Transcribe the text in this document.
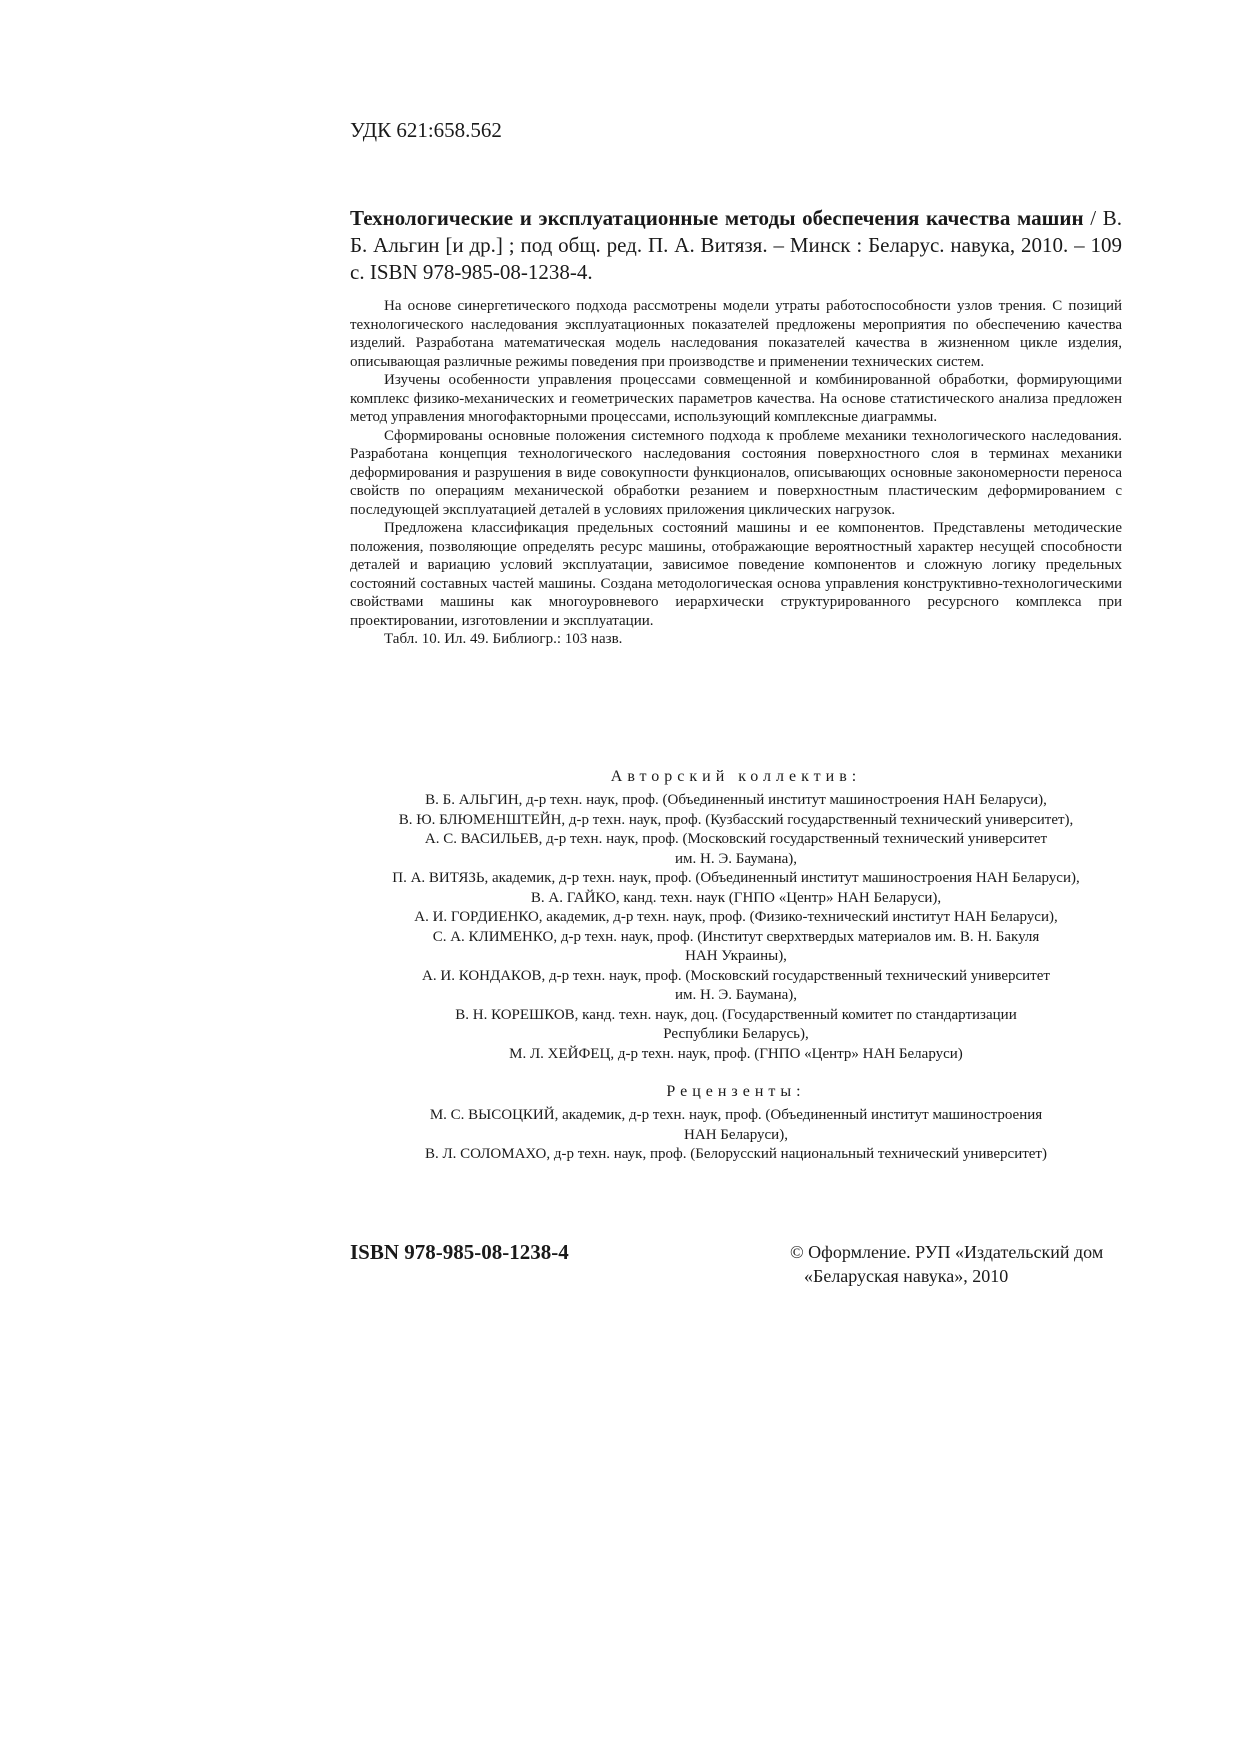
УДК 621:658.562

Технологические и эксплуатационные методы обеспечения качества машин / В. Б. Альгин [и др.] ; под общ. ред. П. А. Витязя. – Минск : Беларус. навука, 2010. – 109 с. ISBN 978-985-08-1238-4.

На основе синергетического подхода рассмотрены модели утраты работоспособности узлов трения. С позиций технологического наследования эксплуатационных показателей предложены мероприятия по обеспечению качества изделий. Разработана математическая модель наследования показателей качества в жизненном цикле изделия, описывающая различные режимы поведения при производстве и применении технических систем.

Изучены особенности управления процессами совмещенной и комбинированной обработки, формирующими комплекс физико-механических и геометрических параметров качества. На основе статистического анализа предложен метод управления многофакторными процессами, использующий комплексные диаграммы.

Сформированы основные положения системного подхода к проблеме механики технологического наследования. Разработана концепция технологического наследования состояния поверхностного слоя в терминах механики деформирования и разрушения в виде совокупности функционалов, описывающих основные закономерности переноса свойств по операциям механической обработки резанием и поверхностным пластическим деформированием с последующей эксплуатацией деталей в условиях приложения циклических нагрузок.

Предложена классификация предельных состояний машины и ее компонентов. Представлены методические положения, позволяющие определять ресурс машины, отображающие вероятностный характер несущей способности деталей и вариацию условий эксплуатации, зависимое поведение компонентов и сложную логику предельных состояний составных частей машины. Создана методологическая основа управления конструктивно-технологическими свойствами машины как многоуровневого иерархически структурированного ресурсного комплекса при проектировании, изготовлении и эксплуатации.

Табл. 10. Ил. 49. Библиогр.: 103 назв.

Авторский коллектив:

В. Б. АЛЬГИН, д-р техн. наук, проф. (Объединенный институт машиностроения НАН Беларуси),
В. Ю. БЛЮМЕНШТЕЙН, д-р техн. наук, проф. (Кузбасский государственный технический университет),
А. С. ВАСИЛЬЕВ, д-р техн. наук, проф. (Московский государственный технический университет
им. Н. Э. Баумана),
П. А. ВИТЯЗЬ, академик, д-р техн. наук, проф. (Объединенный институт машиностроения НАН Беларуси),
В. А. ГАЙКО, канд. техн. наук (ГНПО «Центр» НАН Беларуси),
А. И. ГОРДИЕНКО, академик, д-р техн. наук, проф. (Физико-технический институт НАН Беларуси),
С. А. КЛИМЕНКО, д-р техн. наук, проф. (Институт сверхтвердых материалов им. В. Н. Бакуля
НАН Украины),
А. И. КОНДАКОВ, д-р техн. наук, проф. (Московский государственный технический университет
им. Н. Э. Баумана),
В. Н. КОРЕШКОВ, канд. техн. наук, доц. (Государственный комитет по стандартизации
Республики Беларусь),
М. Л. ХЕЙФЕЦ, д-р техн. наук, проф. (ГНПО «Центр» НАН Беларуси)

Рецензенты:

М. С. ВЫСОЦКИЙ, академик, д-р техн. наук, проф. (Объединенный институт машиностроения
НАН Беларуси),
В. Л. СОЛОМАХО, д-р техн. наук, проф. (Белорусский национальный технический университет)

ISBN 978-985-08-1238-4	© Оформление. РУП «Издательский дом
«Беларуская навука», 2010
